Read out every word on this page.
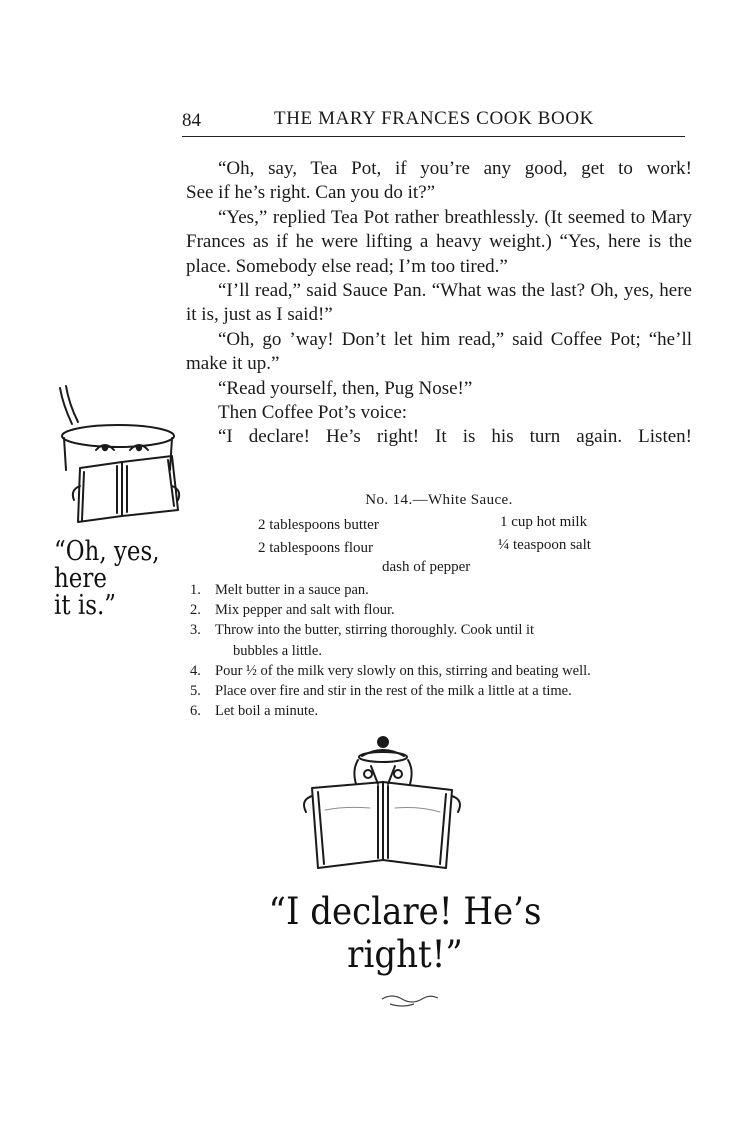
84	THE MARY FRANCES COOK BOOK

“Oh, say, Tea Pot, if you’re any good, get to work!

See if he’s right. Can you do it?”

“Yes,” replied Tea Pot rather breathlessly. (It seemed to Mary Frances as if he were lifting a heavy weight.) “Yes, here is the place. Somebody else read; I’m too tired.”

“I’ll read,” said Sauce Pan. “What was the last? Oh, yes, here it is, just as I said!”

“Oh, go ’way! Don’t let him read,” said Coffee Pot; “he’ll make it up.”

“Read yourself, then, Pug Nose!”

Then Coffee Pot’s voice:

“I declare! He’s right! It is his turn again. Listen!

No. 14.—White Sauce.
2 tablespoons butter	1 cup hot milk
2 tablespoons flour	¼ teaspoon salt
dash of pepper
1. Melt butter in a sauce pan.
2. Mix pepper and salt with flour.
3. Throw into the butter, stirring thoroughly. Cook until it
bubbles a little.
4. Pour ½ of the milk very slowly on this, stirring and beating well.
5. Place over fire and stir in the rest of the milk a little at a time.
6. Let boil a minute.
“Oh, yes,
here
it is.”
“I declare! He’s right!”
